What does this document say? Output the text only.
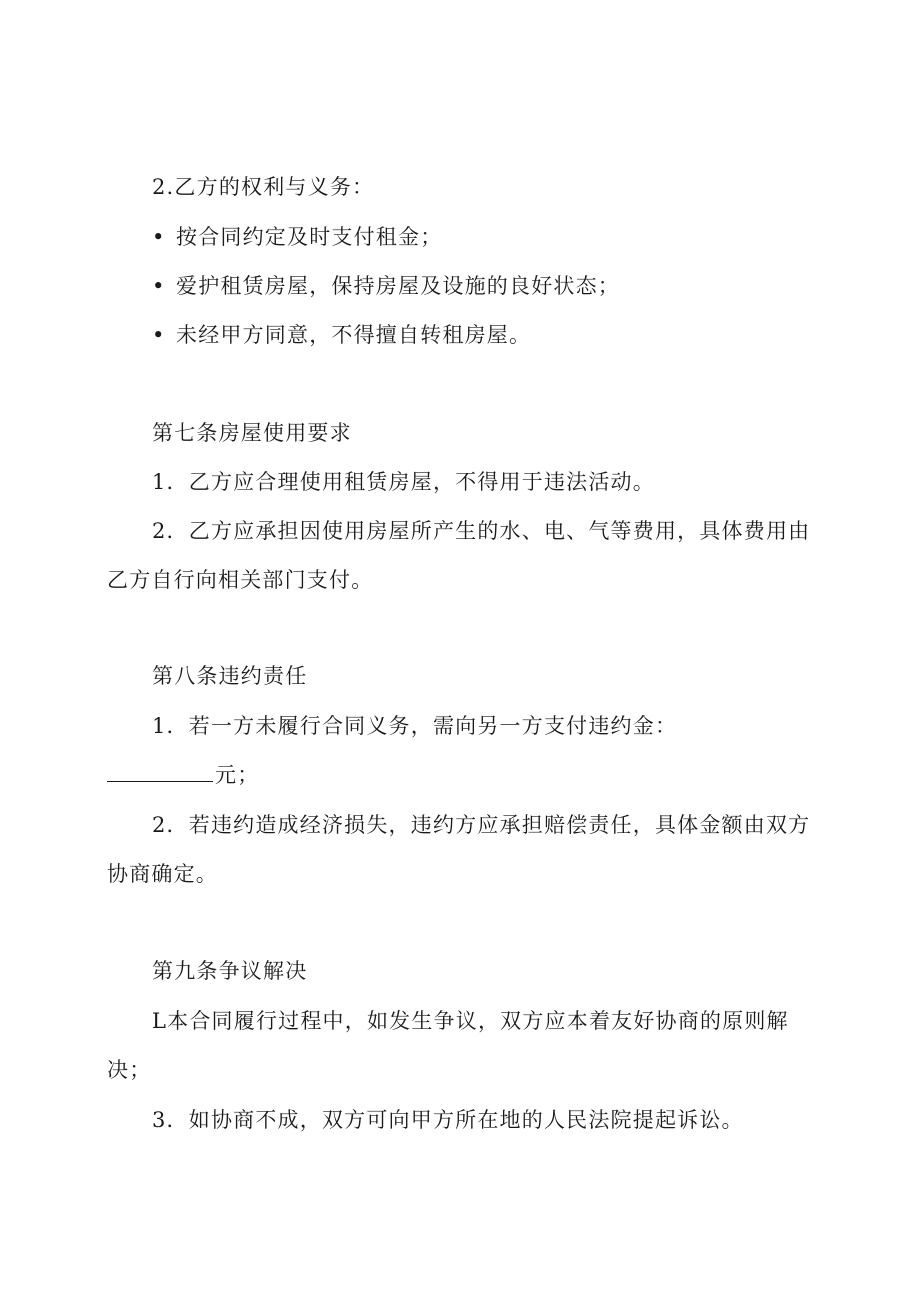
2.乙方的权利与义务：
• 按合同约定及时支付租金；
• 爱护租赁房屋，保持房屋及设施的良好状态；
• 未经甲方同意，不得擅自转租房屋。
第七条房屋使用要求
1．乙方应合理使用租赁房屋，不得用于违法活动。
2．乙方应承担因使用房屋所产生的水、电、气等费用，具体费用由
乙方自行向相关部门支付。
第八条违约责任
1．若一方未履行合同义务，需向另一方支付违约金：
元；
2．若违约造成经济损失，违约方应承担赔偿责任，具体金额由双方
协商确定。
第九条争议解决
L本合同履行过程中，如发生争议，双方应本着友好协商的原则解
决；
3．如协商不成，双方可向甲方所在地的人民法院提起诉讼。
